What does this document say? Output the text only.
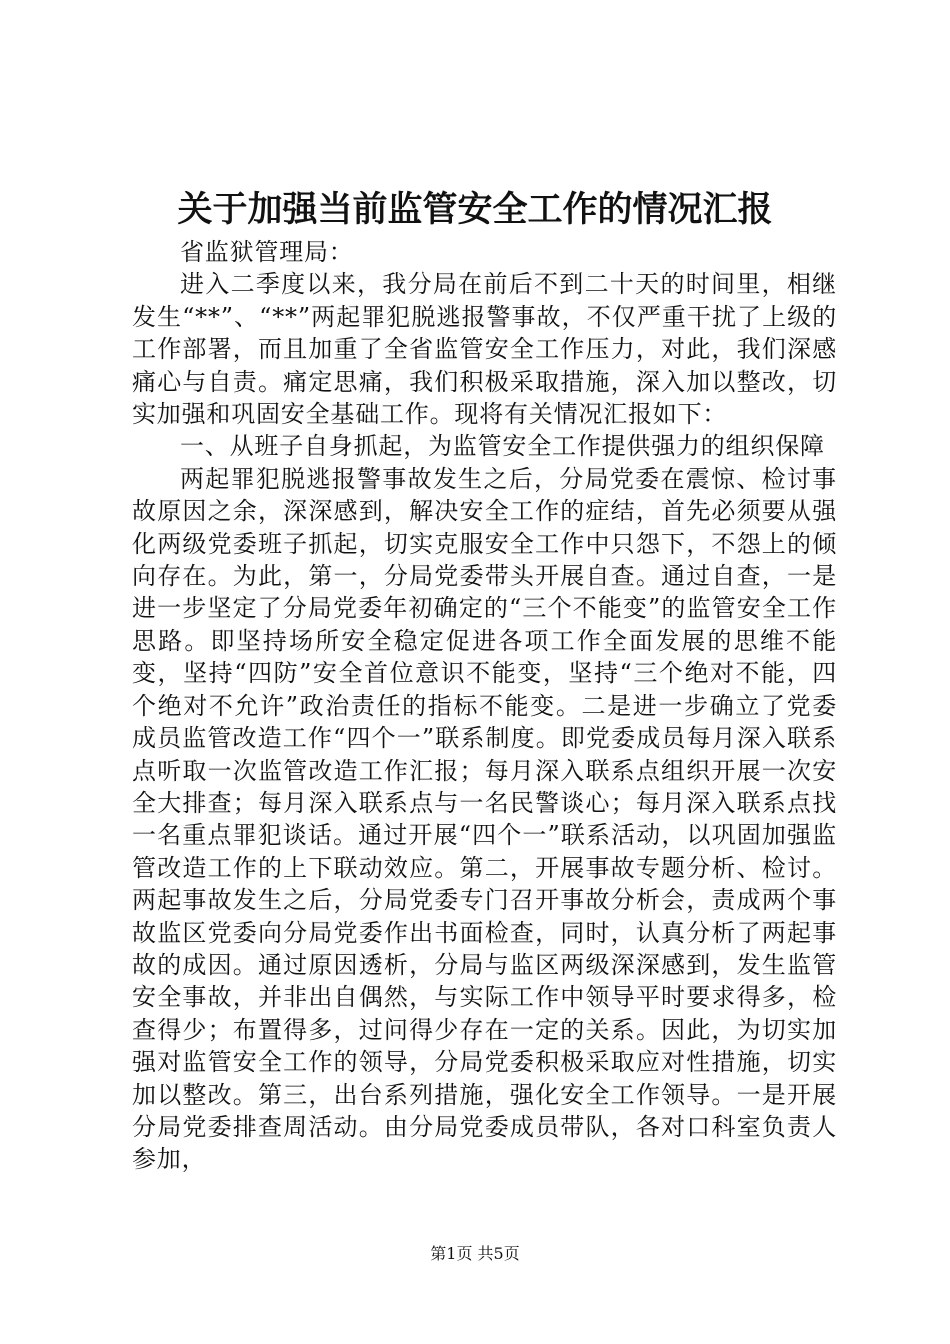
关于加强当前监管安全工作的情况汇报

省监狱管理局：

进入二季度以来，我分局在前后不到二十天的时间里，相继发生“**”、“**”两起罪犯脱逃报警事故，不仅严重干扰了上级的工作部署，而且加重了全省监管安全工作压力，对此，我们深感痛心与自责。痛定思痛，我们积极采取措施，深入加以整改，切实加强和巩固安全基础工作。现将有关情况汇报如下：

一、从班子自身抓起，为监管安全工作提供强力的组织保障

两起罪犯脱逃报警事故发生之后，分局党委在震惊、检讨事故原因之余，深深感到，解决安全工作的症结，首先必须要从强化两级党委班子抓起，切实克服安全工作中只怨下，不怨上的倾向存在。为此，第一，分局党委带头开展自查。通过自查，一是进一步坚定了分局党委年初确定的“三个不能变”的监管安全工作思路。即坚持场所安全稳定促进各项工作全面发展的思维不能变，坚持“四防”安全首位意识不能变，坚持“三个绝对不能，四个绝对不允许”政治责任的指标不能变。二是进一步确立了党委成员监管改造工作“四个一”联系制度。即党委成员每月深入联系点听取一次监管改造工作汇报；每月深入联系点组织开展一次安全大排查；每月深入联系点与一名民警谈心；每月深入联系点找一名重点罪犯谈话。通过开展“四个一”联系活动，以巩固加强监管改造工作的上下联动效应。第二，开展事故专题分析、检讨。两起事故发生之后，分局党委专门召开事故分析会，责成两个事故监区党委向分局党委作出书面检查，同时，认真分析了两起事故的成因。通过原因透析，分局与监区两级深深感到，发生监管安全事故，并非出自偶然，与实际工作中领导平时要求得多，检查得少；布置得多，过问得少存在一定的关系。因此，为切实加强对监管安全工作的领导，分局党委积极采取应对性措施，切实加以整改。第三，出台系列措施，强化安全工作领导。一是开展分局党委排查周活动。由分局党委成员带队，各对口科室负责人参加，

第1页 共5页
